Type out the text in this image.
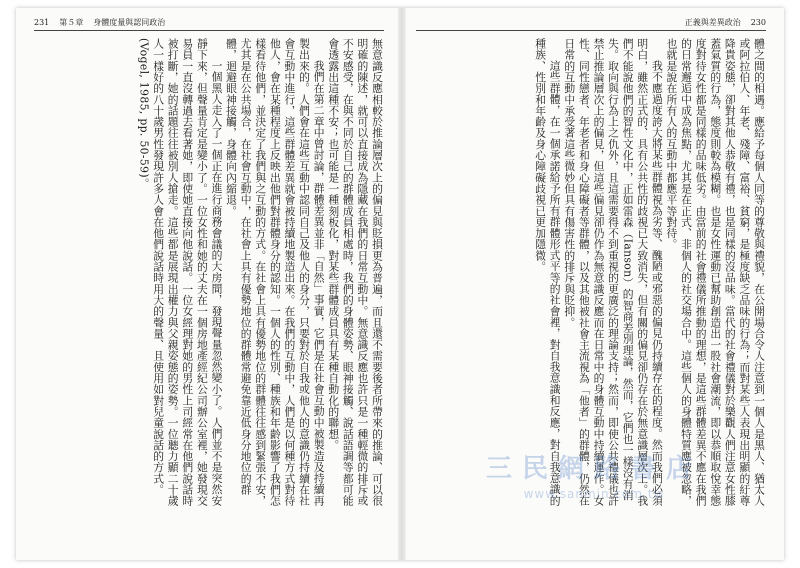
231 第５章 身體度量與認同政治	正義與差異政治 230

無意識反應相較於推論層次上的偏見與貶損更為普遍，而且還不需要後者所帶來的推論、可以很明確的陳述，就可以直接成為隱藏在我們的日常互動中。無意識反應也許只是一種輕微的排斥或不安感受，在與不同於自己的群體成員相處時，我們的身體姿勢、眼神接觸、說話語調等都可能會透露出這種不安；也可能是一種刻板化，對某些群體成員具有某種自動化的聯想。

我們在第二章中曾討論，群體差異並非「自然」事實，它們是在社會互動中被製造及持續再製出來的。人們會在這些互動中認同自己及他人的身分，只要對於自我或他人的意識仍持續在社會互動中進行，這些群體差異就會被持續地製造出來。在我們的互動中，人們是以何種方式對待他人，會在某種程度上反映出他們對群體身分的認知。一個人的性別、種族和年齡影響了我們怎樣看待他們，並決定了我們與之互動的方式。在社會上具有優勢地位的群體往往感到緊張不安，尤其是在公共場合，在社會互動中，在社會上具有優勢地位的群體常避免靠近低身分地位的群體，迴避眼神接觸，身體向內縮退。

一個黑人走入了一個正在進行商務會議的大房間，發現聲量忽然變小了。人們並不是突然安靜下來，但聲量肯定是變小了。一位女性和她的丈夫在一個房地產經紀公司辦公室裡，她發現交易員一直沒轉過去看著她，即使她直接向他說話。一位女經理對她的男性上司經常在他們說話時被打斷，她的話題往往被別人搶走。這些都是展現出權力與父親姿態的姿勢。一位聽力顯二十歲人一樣好的八十歲男性發現許多人會在他們說話時用大的聲量、且使用如對兒童說話的方式。(Vogel, 1985, pp. 50-59)。	體之間的相遇。應給予每個人同等的尊敬與禮貌，在公開場合令人注意到一個人是黑人、猶太人或阿拉伯人、年老、殘障、富裕、貧窮，是極度缺乏品味的行為；而對某些人表現出明顯的紆尊降貴姿態，卻對其他人恭敬有禮，也是同樣的沒品味。當代的社會禮儀對於樂觀人們注意女性膝蓋氣質的行為，態度則較為模糊。也是女性運動已幫助創造出一股社會潮流，即以恭順取悅幸態度對待女性都是同樣的品味低劣。由當前的社會禮儀所推動的理想，是這些群體差異不應在我們的日常邂逅中成為焦點，尤其是在正式、非個人的社交場合中。這些個人的身體特質應被忽略，也就是說在所有人的互動中都應平等對待。

我不應過度誇大將某些群體視為劣等、醜陋或邪惡的偏見仍持續存在的程度。然而我們必須明白，雖然正式的、具有公共性的歧視已大致消失，但有關的偏見卻仍存在於無意識層次上。我們不能說他們的智性文化中，正如雷森（Ianson）的智商差別理論，然而，它們也一樣沒有消失。取向與行為上之仇外，且這需要得不到重視的更廣泛的理論支持；然而，即使公共禮儀也許禁止推論層次上的偏見，但這些偏見卻仍作為無意識反應而在日常中的身體互動中持續運作。女性、同性戀者、年老者和身心障礙者等群體，以及其他被社會主流視為「他者」的群體，仍然在日常的互動中承受著這些微妙但具有傷害性的排斥與貶抑。

這些群體，在一個承諾給予所有群體形式平等的社會裡，對自我意識和反應，對自我意識的種族、性別和年齡及身心障礙歧視已更加隱微。

三民網路書店
www.sanmin.com.tw
